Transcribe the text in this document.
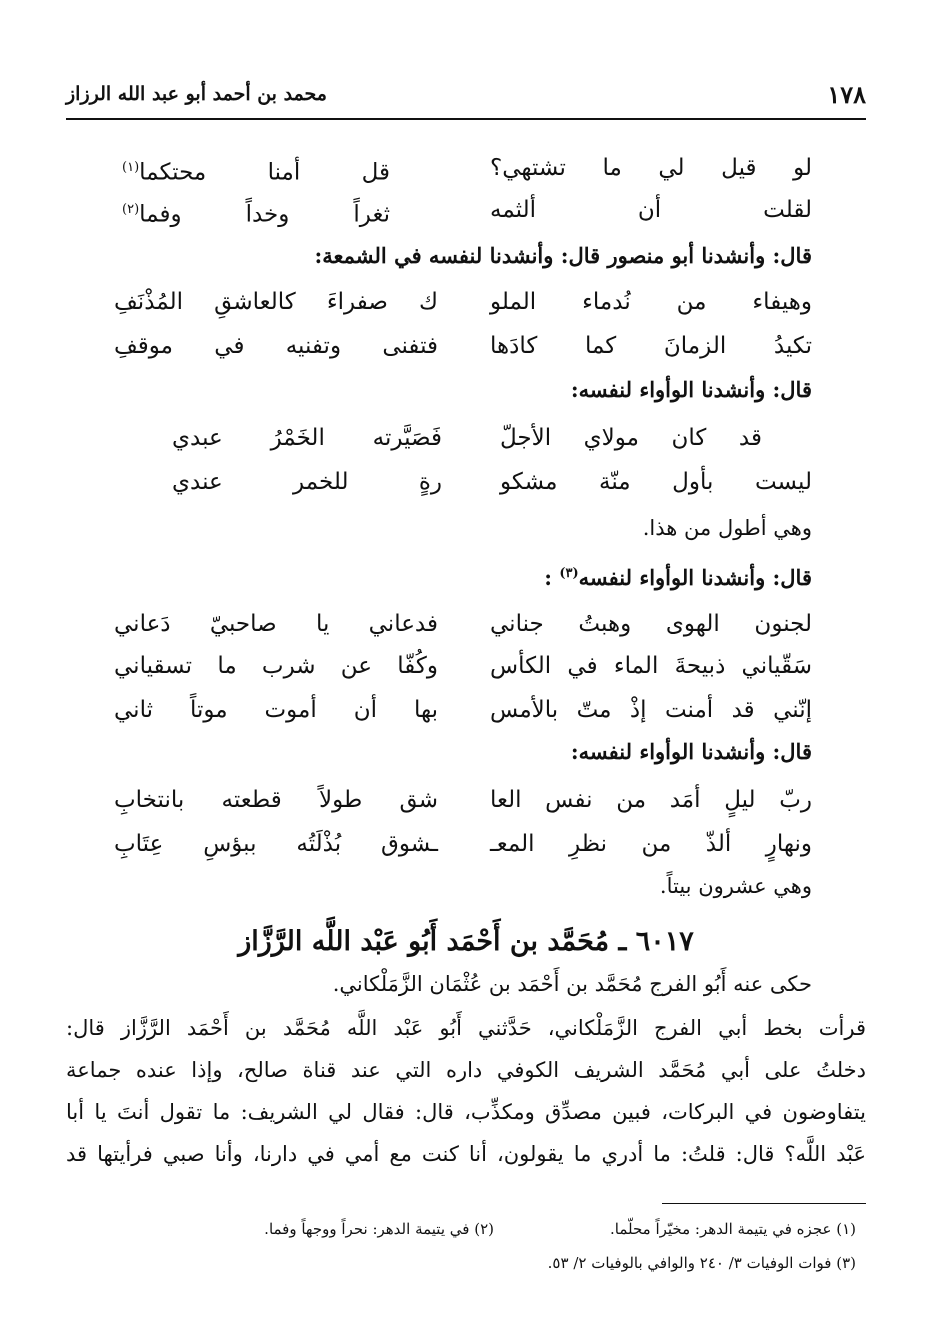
١٧٨
محمد بن أحمد أبو عبد الله الرزاز
لو قيل لي ما تشتهي؟
قل أمنا محتكما$^{(١)}$
لقلت أن ألثمه
ثغراً وخداً وفما$^{(٢)}$
قال: وأنشدنا أبو منصور قال: وأنشدنا لنفسه في الشمعة:
وهيفاء من نُدماء الملو
ك صفراءَ كالعاشقِ المُذْنَفِ
تكيدُ الزمانَ كما كادَها
فتفنى وتفنيه في موقفِ
قال: وأنشدنا الوأواء لنفسه:
قد كان مولاي الأجلّ
فَصَيَّرته الخَمْرُ عبدي
ليست بأول منّة مشكو
رةٍ للخمر عندي
وهي أطول من هذا.
قال: وأنشدنا الوأواء لنفسه$^{(٣)}$ :
لجنون الهوى وهبتُ جناني
فدعاني يا صاحبيّ دَعاني
سَقّياني ذبيحةَ الماء في الكأس
وكُفّا عن شرب ما تسقياني
إنّني قد أمنت إذْ متّ بالأمس
بها أن أموت موتاً ثاني
قال: وأنشدنا الوأواء لنفسه:
ربّ ليلٍ أمَد من نفس العا
شق طولاً قطعته بانتخابِ
ونهارٍ ألذّ من نظرِ المعـ
ـشوق بُذْلَتُه ببؤسِ عِتَابِ
وهي عشرون بيتاً.
٦٠١٧ ـ مُحَمَّد بن أَحْمَد أَبُو عَبْد اللَّه الرَّزَّاز
حكى عنه أَبُو الفرج مُحَمَّد بن أَحْمَد بن عُثْمَان الزَّمَلْكاني.
قرأت بخط أبي الفرج الزَّمَلْكاني، حَدَّثني أَبُو عَبْد اللَّه مُحَمَّد بن أَحْمَد الرَّزَّاز قال:
دخلتُ على أبي مُحَمَّد الشريف الكوفي داره التي عند قناة صالح، وإذا عنده جماعة
يتفاوضون في البركات، فبين مصدِّق ومكذِّب، قال: فقال لي الشريف: ما تقول أنتَ يا أبا
عَبْد اللَّه؟ قال: قلتُ: ما أدري ما يقولون، أنا كنت مع أمي في دارنا، وأنا صبي فرأيتها قد
(١) عجزه في يتيمة الدهر: مخيّراً محلّما.
(٢) في يتيمة الدهر: نحراً ووجهاً وفما.
(٣) فوات الوفيات ٣/ ٢٤٠ والوافي بالوفيات ٢/ ٥٣.
